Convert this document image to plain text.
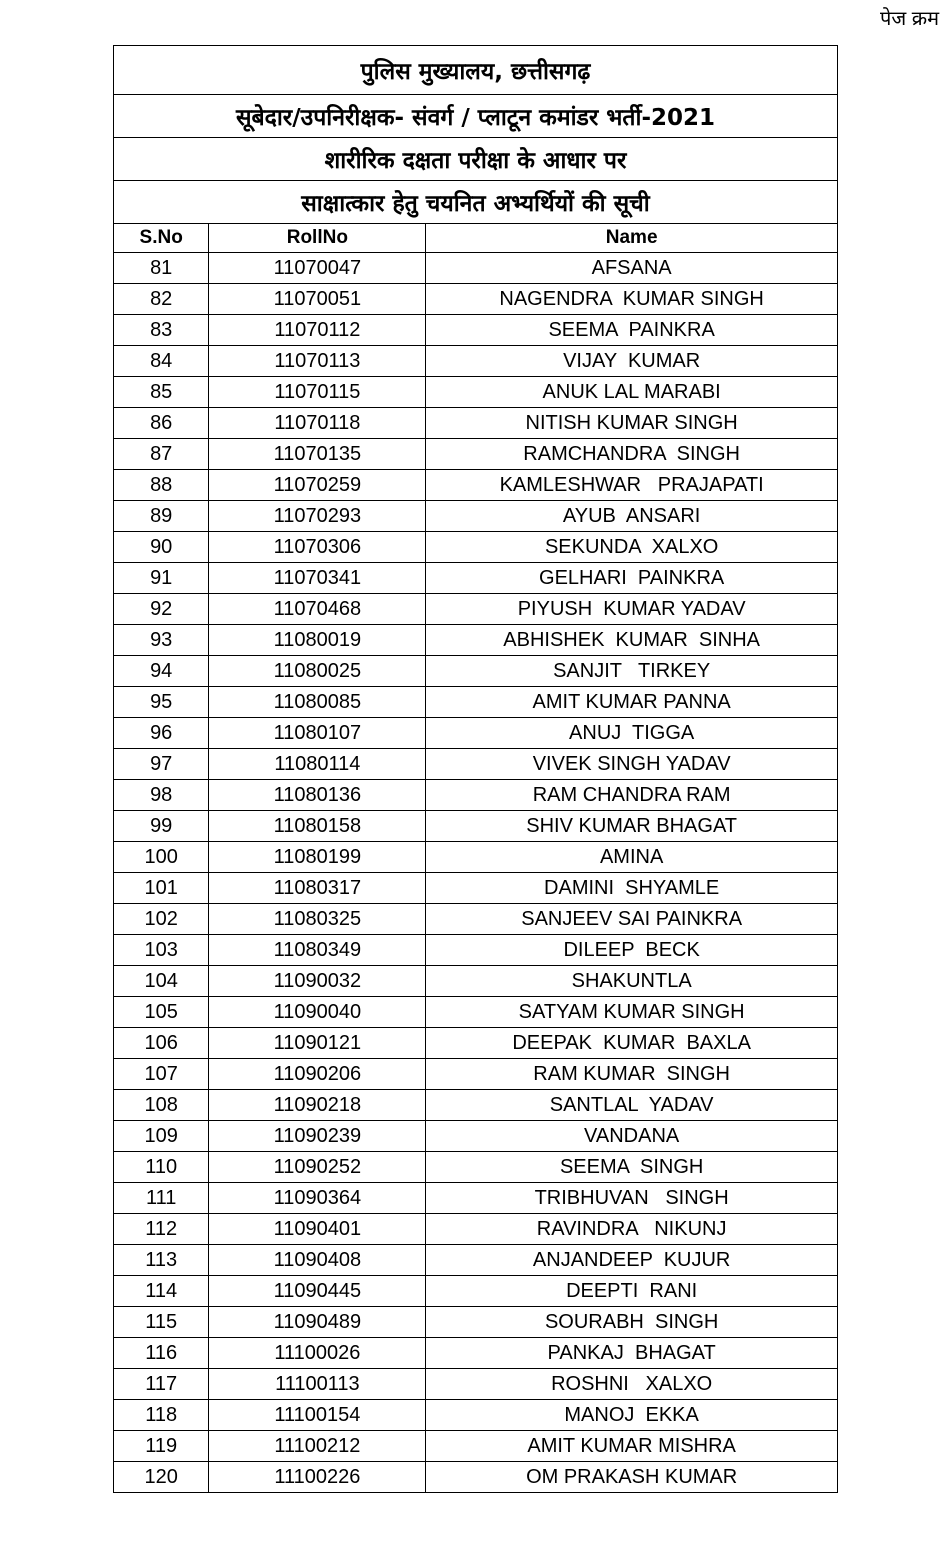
पेज क्रम
पुलिस मुख्यालय, छत्तीसगढ़		
सूबेदार/उपनिरीक्षक- संवर्ग / प्लाटून कमांडर भर्ती-2021		
शारीरिक दक्षता परीक्षा के आधार पर		
साक्षात्कार हेतु चयनित अभ्यर्थियों की सूची		
S.No	RollNo	Name
81	11070047	AFSANA
82	11070051	NAGENDRA  KUMAR SINGH
83	11070112	SEEMA  PAINKRA
84	11070113	VIJAY  KUMAR
85	11070115	ANUK LAL MARABI
86	11070118	NITISH KUMAR SINGH
87	11070135	RAMCHANDRA  SINGH
88	11070259	KAMLESHWAR   PRAJAPATI
89	11070293	AYUB  ANSARI
90	11070306	SEKUNDA  XALXO
91	11070341	GELHARI  PAINKRA
92	11070468	PIYUSH  KUMAR YADAV
93	11080019	ABHISHEK  KUMAR  SINHA
94	11080025	SANJIT   TIRKEY
95	11080085	AMIT KUMAR PANNA
96	11080107	ANUJ  TIGGA
97	11080114	VIVEK SINGH YADAV
98	11080136	RAM CHANDRA RAM
99	11080158	SHIV KUMAR BHAGAT
100	11080199	AMINA
101	11080317	DAMINI  SHYAMLE
102	11080325	SANJEEV SAI PAINKRA
103	11080349	DILEEP  BECK
104	11090032	SHAKUNTLA
105	11090040	SATYAM KUMAR SINGH
106	11090121	DEEPAK  KUMAR  BAXLA
107	11090206	RAM KUMAR  SINGH
108	11090218	SANTLAL  YADAV
109	11090239	VANDANA
110	11090252	SEEMA  SINGH
111	11090364	TRIBHUVAN   SINGH
112	11090401	RAVINDRA   NIKUNJ
113	11090408	ANJANDEEP  KUJUR
114	11090445	DEEPTI  RANI
115	11090489	SOURABH  SINGH
116	11100026	PANKAJ  BHAGAT
117	11100113	ROSHNI   XALXO
118	11100154	MANOJ  EKKA
119	11100212	AMIT KUMAR MISHRA
120	11100226	OM PRAKASH KUMAR
